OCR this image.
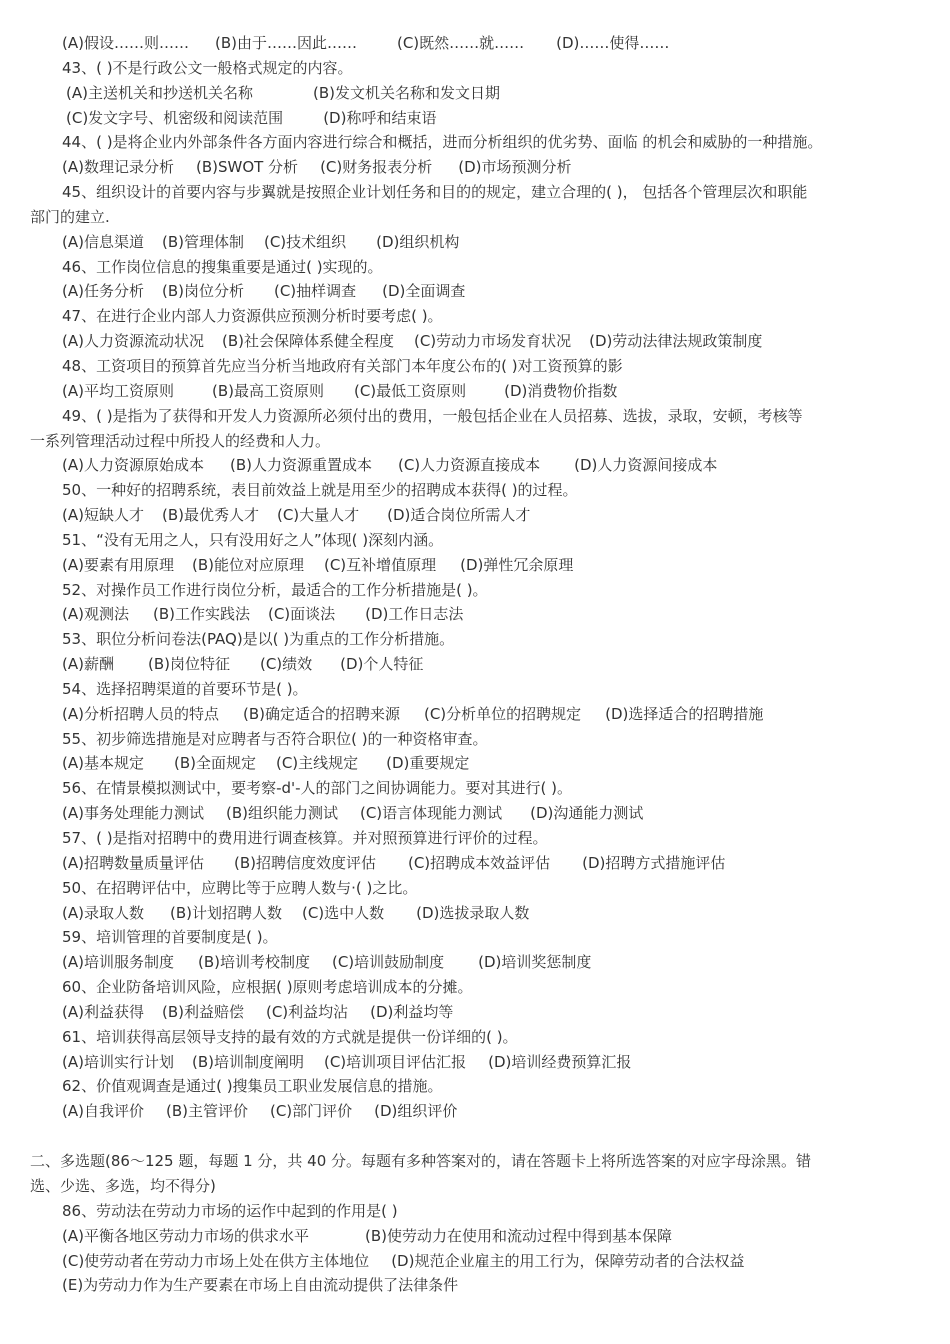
(A)假设……则…… (B)由于……因此……	(C)既然……就…… (D)……使得……
43、( )不是行政公文一般格式规定的内容。
(A)主送机关和抄送机关名称	(B)发文机关名称和发文日期
(C)发文字号、机密级和阅读范围	(D)称呼和结束语
44、( )是将企业内外部条件各方面内容进行综合和概括，进而分析组织的优劣势、面临 的机会和威胁的一种措施。
(A)数理记录分析 (B)SWOT 分析 (C)财务报表分析 (D)市场预测分析
45、组织设计的首要内容与步翼就是按照企业计划任务和目的的规定，建立合理的( )， 包括各个管理层次和职能
部门的建立.
(A)信息渠道 (B)管理体制 (C)技术组织 (D)组织机构
46、工作岗位信息的搜集重要是通过( )实现的。
(A)任务分析 (B)岗位分析 (C)抽样调查 (D)全面调查
47、在进行企业内部人力资源供应预测分析时要考虑( )。
(A)人力资源流动状况 (B)社会保障体系健全程度 (C)劳动力市场发育状况 (D)劳动法律法规政策制度
48、工资项目的预算首先应当分析当地政府有关部门本年度公布的( )对工资预算的影
(A)平均工资原则	(B)最高工资原则 (C)最低工资原则	(D)消费物价指数
49、( )是指为了获得和开发人力资源所必须付出的费用，一般包括企业在人员招募、选拔，录取，安顿，考核等
一系列管理活动过程中所投人的经费和人力。
(A)人力资源原始成本 (B)人力资源重置成本 (C)人力资源直接成本 (D)人力资源间接成本
50、一种好的招聘系统，表目前效益上就是用至少的招聘成本获得( )的过程。
(A)短缺人才 (B)最优秀人才 (C)大量人才 (D)适合岗位所需人才
51、“没有无用之人，只有没用好之人”体现( )深刻内涵。
(A)要素有用原理 (B)能位对应原理 (C)互补增值原理 (D)弹性冗余原理
52、对操作员工作进行岗位分析，最适合的工作分析措施是( )。
(A)观测法 (B)工作实践法 (C)面谈法 (D)工作日志法
53、职位分析问卷法(PAQ)是以( )为重点的工作分析措施。
(A)薪酬 (B)岗位特征 (C)绩效 (D)个人特征
54、选择招聘渠道的首要环节是( )。
(A)分析招聘人员的特点 (B)确定适合的招聘来源 (C)分析单位的招聘规定 (D)选择适合的招聘措施
55、初步筛选措施是对应聘者与否符合职位( )的一种资格审查。
(A)基本规定 (B)全面规定 (C)主线规定 (D)重要规定
56、在情景模拟测试中，要考察-d'-人的部门之间协调能力。要对其进行( )。
(A)事务处理能力测试 (B)组织能力测试 (C)语言体现能力测试 (D)沟通能力测试
57、( )是指对招聘中的费用进行调查核算。并对照预算进行评价的过程。
(A)招聘数量质量评估 (B)招聘信度效度评估 (C)招聘成本效益评估 (D)招聘方式措施评估
50、在招聘评估中，应聘比等于应聘人数与·( )之比。
(A)录取人数 (B)计划招聘人数 (C)选中人数 (D)选拔录取人数
59、培训管理的首要制度是( )。
(A)培训服务制度 (B)培训考校制度 (C)培训鼓励制度 (D)培训奖惩制度
60、企业防备培训风险，应根据( )原则考虑培训成本的分摊。
(A)利益获得 (B)利益赔偿 (C)利益均沾 (D)利益均等
61、培训获得高层领导支持的最有效的方式就是提供一份详细的( )。
(A)培训实行计划 (B)培训制度阐明 (C)培训项目评估汇报 (D)培训经费预算汇报
62、价值观调查是通过( )搜集员工职业发展信息的措施。
(A)自我评价 (B)主管评价 (C)部门评价 (D)组织评价
二、多选题(86～125 题，每题 1 分，共 40 分。每题有多种答案对的，请在答题卡上将所选答案的对应字母涂黑。错
选、少选、多选，均不得分)
86、劳动法在劳动力市场的运作中起到的作用是( )
(A)平衡各地区劳动力市场的供求水平	(B)使劳动力在使用和流动过程中得到基本保障
(C)使劳动者在劳动力市场上处在供方主体地位 (D)规范企业雇主的用工行为，保障劳动者的合法权益
(E)为劳动力作为生产要素在市场上自由流动提供了法律条件
